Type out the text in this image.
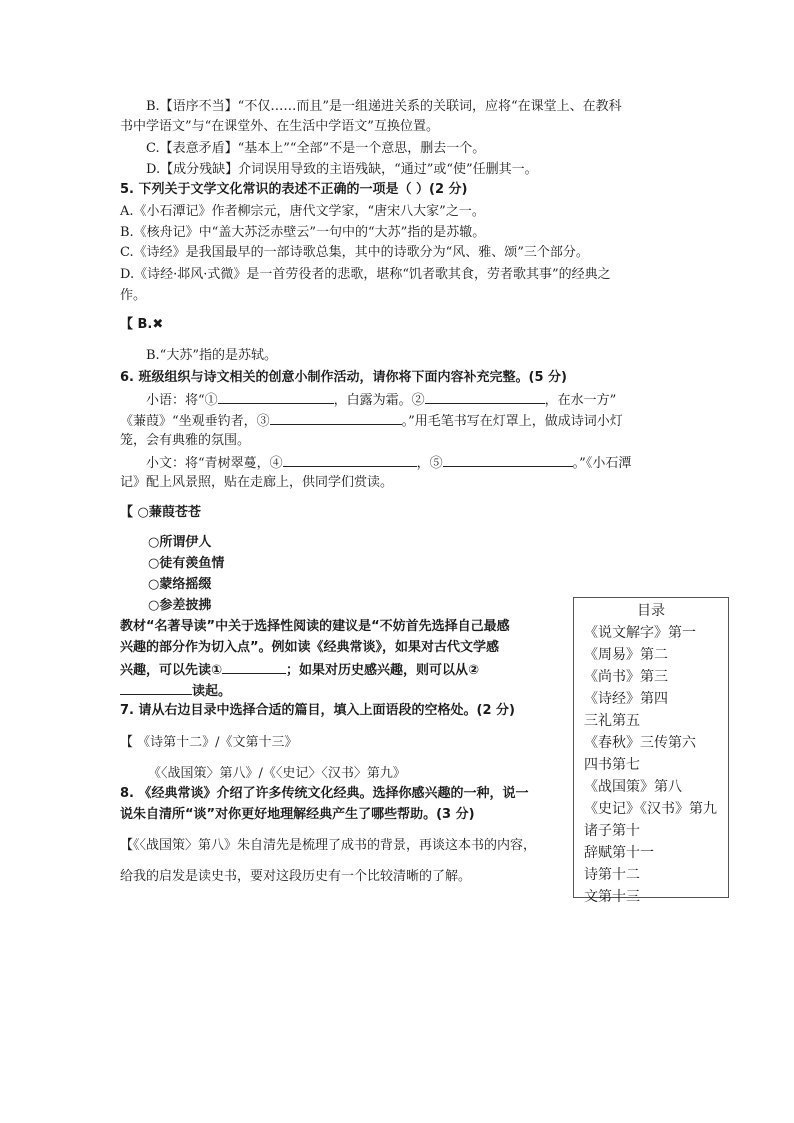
B.【语序不当】“不仅……而且”是一组递进关系的关联词，应将“在课堂上、在教科
书中学语文”与“在课堂外、在生活中学语文”互换位置。
C.【表意矛盾】“基本上”“全部”不是一个意思，删去一个。
D.【成分残缺】介词误用导致的主语残缺，“通过”或“使”任删其一。
5. 下列关于文学文化常识的表述不正确的一项是（ ）(2 分)
A.《小石潭记》作者柳宗元，唐代文学家，“唐宋八大家”之一。
B.《核舟记》中“盖大苏泛赤壁云”一句中的“大苏”指的是苏辙。
C.《诗经》是我国最早的一部诗歌总集，其中的诗歌分为“风、雅、颂”三个部分。
D.《诗经·邶风·式微》是一首劳役者的悲歌，堪称“饥者歌其食，劳者歌其事”的经典之
作。
【 B.✖
B.“大苏”指的是苏轼。
6. 班级组织与诗文相关的创意小制作活动，请你将下面内容补充完整。(5 分)
小语：将“①	，白露为霜。②	，在水一方”
《蒹葭》“坐观垂钓者，③	。”用毛笔书写在灯罩上，做成诗词小灯
笼，会有典雅的氛围。
小文：将“青树翠蔓，④	，⑤	。”《小石潭
记》配上风景照，贴在走廊上，供同学们赏读。
【 ○蒹葭苍苍
○所谓伊人
○徒有羡鱼情
○蒙络摇缀
○参差披拂
教材“名著导读”中关于选择性阅读的建议是“不妨首先选择自己最感
兴趣的部分作为切入点”。例如读《经典常谈》，如果对古代文学感
兴趣，可以先读①	；如果对历史感兴趣，则可以从②
读起。
7. 请从右边目录中选择合适的篇目，填入上面语段的空格处。(2 分)
【 《诗第十二》/《文第十三》
《〈战国策〉第八》/《〈史记〉〈汉书〉第九》
8. 《经典常谈》介绍了许多传统文化经典。选择你感兴趣的一种，说一
说朱自清所“谈”对你更好地理解经典产生了哪些帮助。(3 分)
【《〈战国策〉第八》朱自清先是梳理了成书的背景，再谈这本书的内容，
给我的启发是读史书，要对这段历史有一个比较清晰的了解。
目录
《说文解字》第一
《周易》第二
《尚书》第三
《诗经》第四
三礼第五
《春秋》三传第六
四书第七
《战国策》第八
《史记》《汉书》第九
诸子第十
辞赋第十一
诗第十二
文第十三
